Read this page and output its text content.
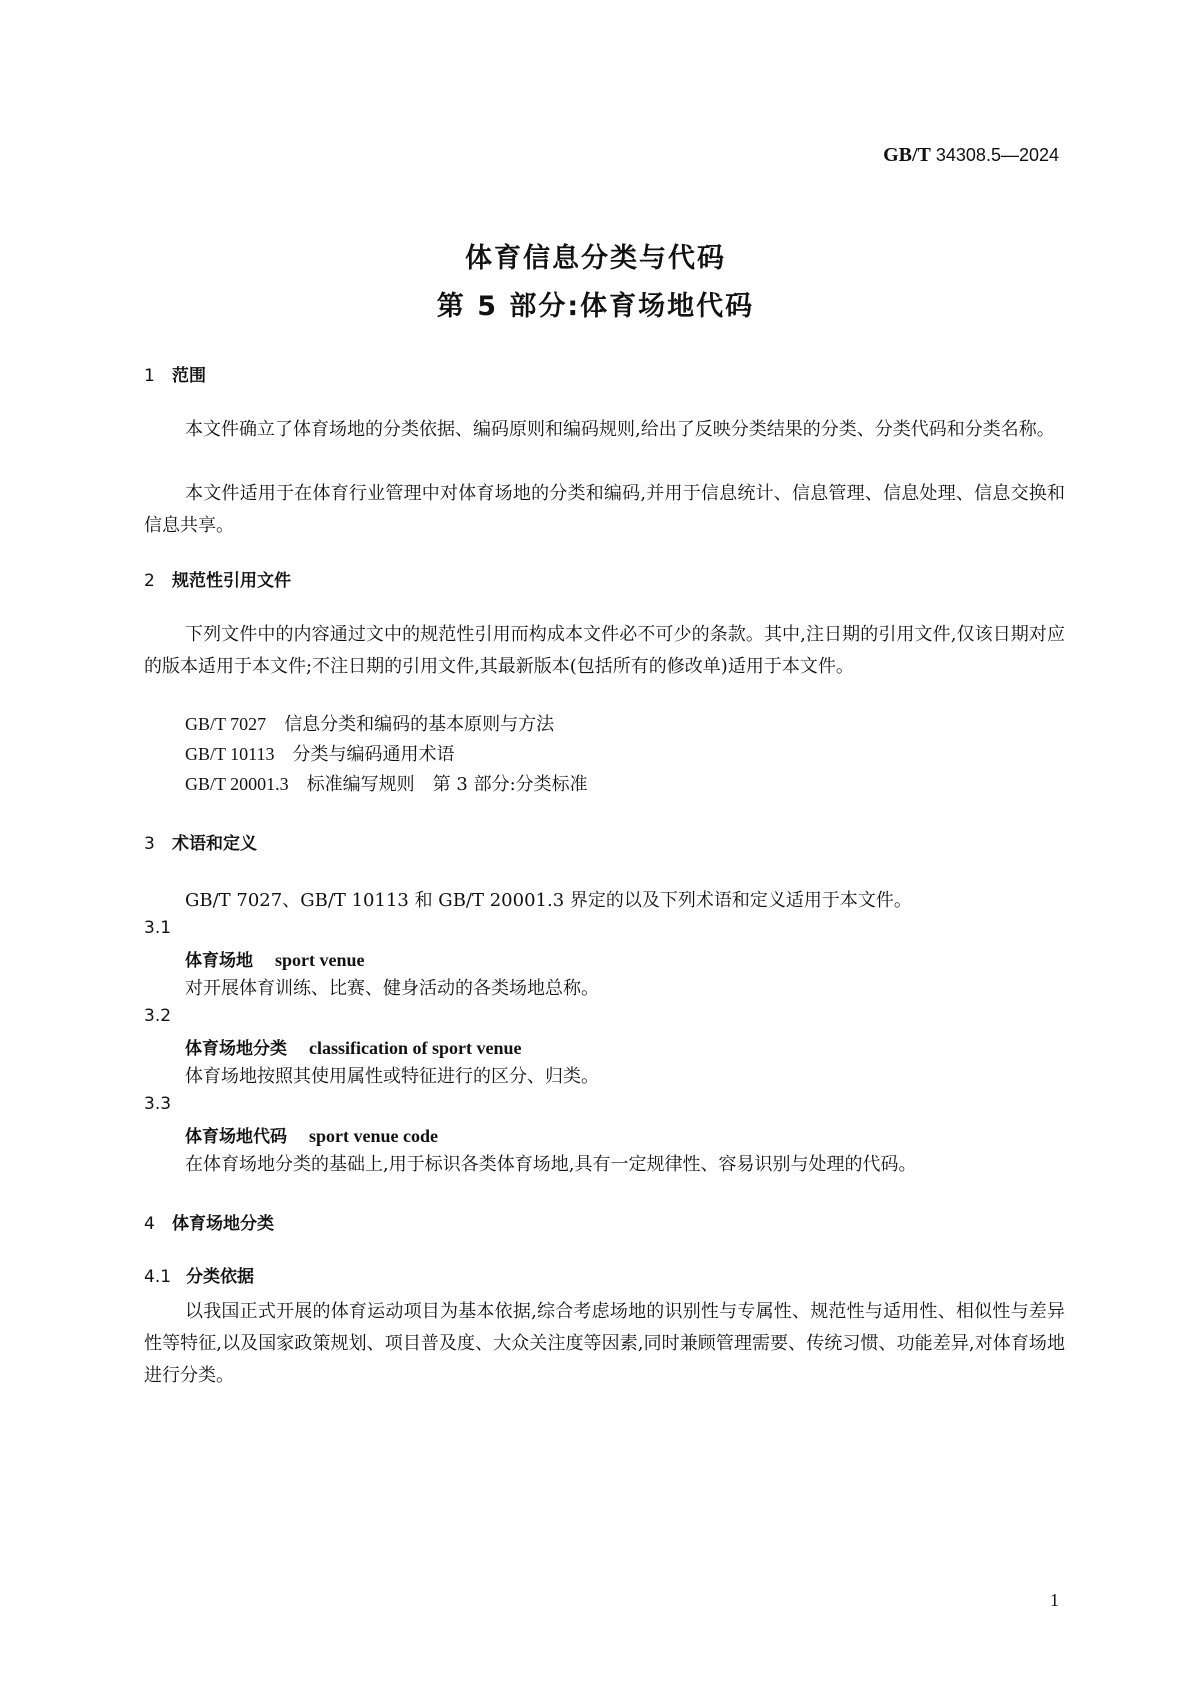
GB/T 34308.5—2024
体育信息分类与代码
第 5 部分:体育场地代码
1 范围
本文件确立了体育场地的分类依据、编码原则和编码规则,给出了反映分类结果的分类、分类代码和分类名称。
本文件适用于在体育行业管理中对体育场地的分类和编码,并用于信息统计、信息管理、信息处理、信息交换和信息共享。
2 规范性引用文件
下列文件中的内容通过文中的规范性引用而构成本文件必不可少的条款。其中,注日期的引用文件,仅该日期对应的版本适用于本文件;不注日期的引用文件,其最新版本(包括所有的修改单)适用于本文件。
GB/T 7027 信息分类和编码的基本原则与方法
GB/T 10113 分类与编码通用术语
GB/T 20001.3 标准编写规则　第 3 部分:分类标准
3 术语和定义
GB/T 7027、GB/T 10113 和 GB/T 20001.3 界定的以及下列术语和定义适用于本文件。
3.1
体育场地 sport venue
对开展体育训练、比赛、健身活动的各类场地总称。
3.2
体育场地分类 classification of sport venue
体育场地按照其使用属性或特征进行的区分、归类。
3.3
体育场地代码 sport venue code
在体育场地分类的基础上,用于标识各类体育场地,具有一定规律性、容易识别与处理的代码。
4 体育场地分类
4.1 分类依据
以我国正式开展的体育运动项目为基本依据,综合考虑场地的识别性与专属性、规范性与适用性、相似性与差异性等特征,以及国家政策规划、项目普及度、大众关注度等因素,同时兼顾管理需要、传统习惯、功能差异,对体育场地进行分类。
1
